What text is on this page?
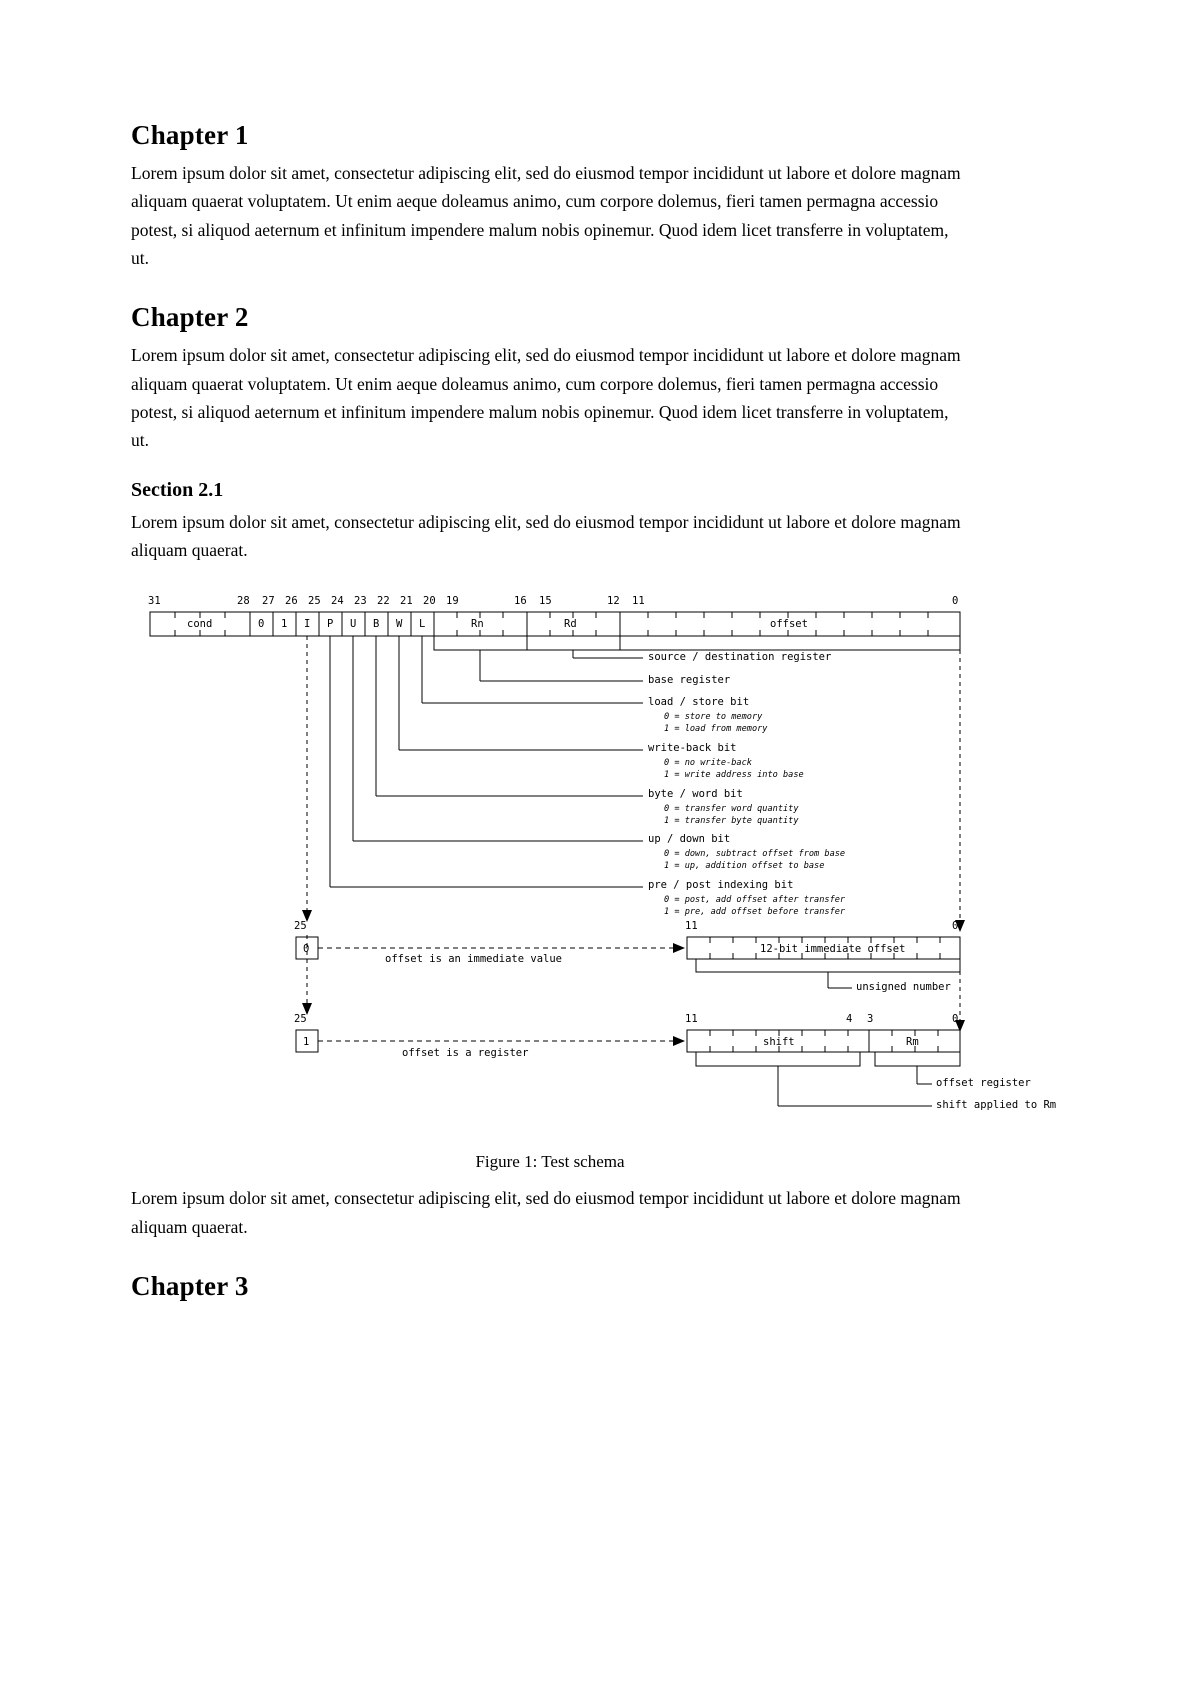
Chapter 1

Lorem ipsum dolor sit amet, consectetur adipiscing elit, sed do eiusmod tempor incididunt ut labore et dolore magnam aliquam quaerat voluptatem. Ut enim aeque doleamus animo, cum corpore dolemus, fieri tamen permagna accessio potest, si aliquod aeternum et infinitum impendere malum nobis opinemur. Quod idem licet transferre in voluptatem, ut.

Chapter 2

Lorem ipsum dolor sit amet, consectetur adipiscing elit, sed do eiusmod tempor incididunt ut labore et dolore magnam aliquam quaerat voluptatem. Ut enim aeque doleamus animo, cum corpore dolemus, fieri tamen permagna accessio potest, si aliquod aeternum et infinitum impendere malum nobis opinemur. Quod idem licet transferre in voluptatem, ut.

Section 2.1

Lorem ipsum dolor sit amet, consectetur adipiscing elit, sed do eiusmod tempor incididunt ut labore et dolore magnam aliquam quaerat.

31	28 27 26 25 24 23 22 21 20 19	16 15	12 11	0
cond	0 1 I P U B W L	Rn	Rd	offset
source / destination register
base register
load / store bit
0 = store to memory
1 = load from memory
write-back bit
0 = no write-back
1 = write address into base
byte / word bit
0 = transfer word quantity
1 = transfer byte quantity
up / down bit
0 = down, subtract offset from base
1 = up, addition offset to base
pre / post indexing bit
0 = post, add offset after transfer
1 = pre, add offset before transfer
25
0
offset is an immediate value
11	0
12-bit immediate offset
unsigned number
25
1
offset is a register
11	4 3	0
shift	Rm
offset register
shift applied to Rm
Figure 1: Test schema

Lorem ipsum dolor sit amet, consectetur adipiscing elit, sed do eiusmod tempor incididunt ut labore et dolore magnam aliquam quaerat.

Chapter 3
